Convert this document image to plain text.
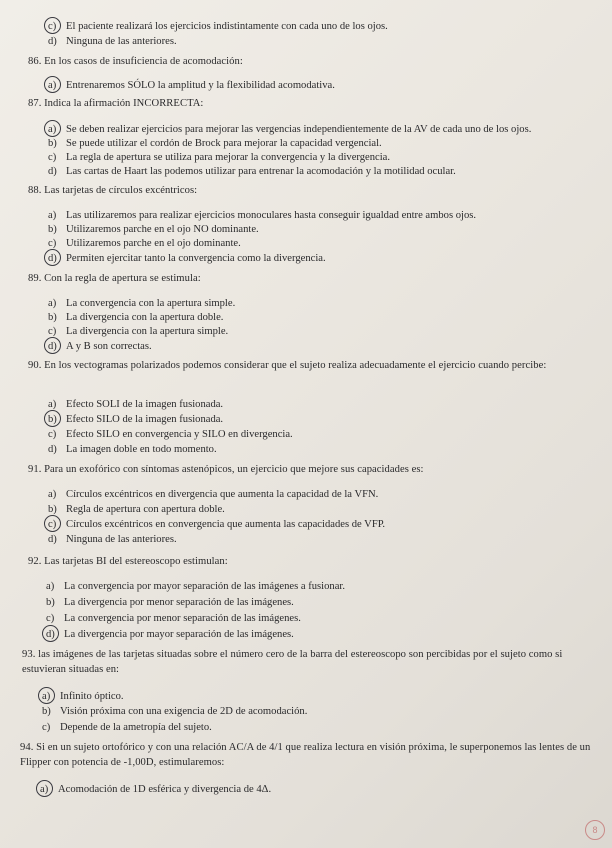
c) El paciente realizará los ejercicios indistintamente con cada uno de los ojos.
d) Ninguna de las anteriores.
86. En los casos de insuficiencia de acomodación:
a) Entrenaremos SÓLO la amplitud y la flexibilidad acomodativa.
87. Indica la afirmación INCORRECTA:
a) Se deben realizar ejercicios para mejorar las vergencias independientemente de la AV de cada uno de los ojos.
b) Se puede utilizar el cordón de Brock para mejorar la capacidad vergencial.
c) La regla de apertura se utiliza para mejorar la convergencia y la divergencia.
d) Las cartas de Haart las podemos utilizar para entrenar la acomodación y la motilidad ocular.
88. Las tarjetas de círculos excéntricos:
a) Las utilizaremos para realizar ejercicios monoculares hasta conseguir igualdad entre ambos ojos.
b) Utilizaremos parche en el ojo NO dominante.
c) Utilizaremos parche en el ojo dominante.
d) Permiten ejercitar tanto la convergencia como la divergencia.
89. Con la regla de apertura se estimula:
a) La convergencia con la apertura simple.
b) La divergencia con la apertura doble.
c) La divergencia con la apertura simple.
d) A y B son correctas.
90. En los vectogramas polarizados podemos considerar que el sujeto realiza adecuadamente el ejercicio cuando percibe:
a) Efecto SOLI de la imagen fusionada.
b) Efecto SILO de la imagen fusionada.
c) Efecto SILO en convergencia y SILO en divergencia.
d) La imagen doble en todo momento.
91. Para un exofórico con síntomas astenópicos, un ejercicio que mejore sus capacidades es:
a) Círculos excéntricos en divergencia que aumenta la capacidad de la VFN.
b) Regla de apertura con apertura doble.
c) Círculos excéntricos en convergencia que aumenta las capacidades de VFP.
d) Ninguna de las anteriores.
92. Las tarjetas BI del estereoscopo estimulan:
a) La convergencia por mayor separación de las imágenes a fusionar.
b) La divergencia por menor separación de las imágenes.
c) La convergencia por menor separación de las imágenes.
d) La divergencia por mayor separación de las imágenes.
93. las imágenes de las tarjetas situadas sobre el número cero de la barra del estereoscopo son percibidas por el sujeto como si estuvieran situadas en:
a) Infinito óptico.
b) Visión próxima con una exigencia de 2D de acomodación.
c) Depende de la ametropía del sujeto.
94. Si en un sujeto ortofórico y con una relación AC/A de 4/1 que realiza lectura en visión próxima, le superponemos las lentes de un Flipper con potencia de -1,00D, estimularemos:
a) Acomodación de 1D esférica y divergencia de 4Δ.
8
